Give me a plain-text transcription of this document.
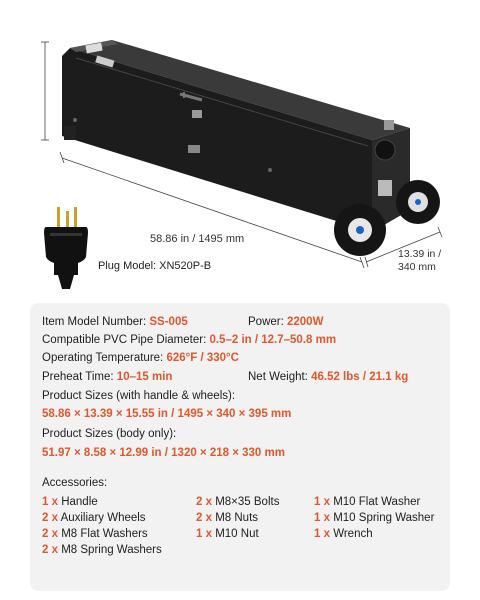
58.86 in / 1495 mm
13.39 in /
340 mm
Plug Model: XN520P-B
Item Model Number: SS-005	Power: 2200W
Compatible PVC Pipe Diameter: 0.5–2 in / 12.7–50.8 mm
Operating Temperature: 626°F / 330°C
Preheat Time: 10–15 min	Net Weight: 46.52 lbs / 21.1 kg
Product Sizes (with handle & wheels):
58.86 × 13.39 × 15.55 in / 1495 × 340 × 395 mm
Product Sizes (body only):
51.97 × 8.58 × 12.99 in / 1320 × 218 × 330 mm
Accessories:
1 x Handle
2 x Auxiliary Wheels
2 x M8 Flat Washers
2 x M8 Spring Washers
2 x M8×35 Bolts
2 x M8 Nuts
1 x M10 Nut
1 x M10 Flat Washer
1 x M10 Spring Washer
1 x Wrench
